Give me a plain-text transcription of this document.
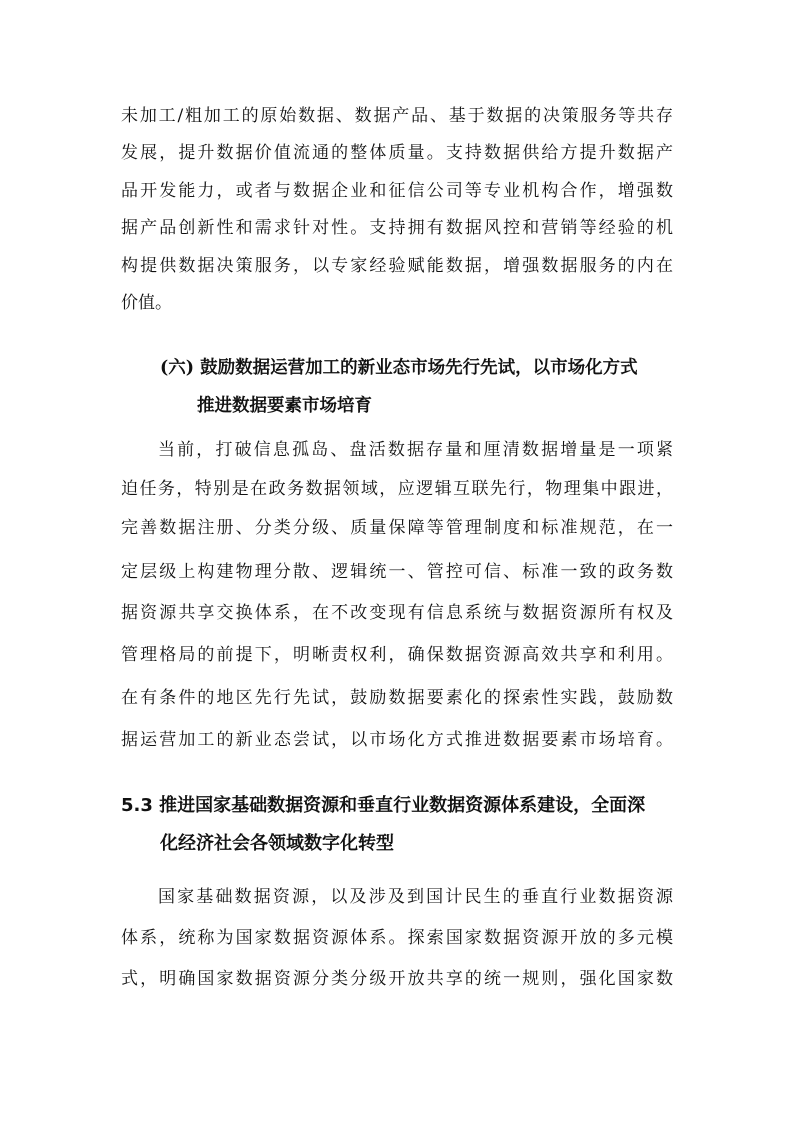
未加工/粗加工的原始数据、数据产品、基于数据的决策服务等共存
发展，提升数据价值流通的整体质量。支持数据供给方提升数据产
品开发能力，或者与数据企业和征信公司等专业机构合作，增强数
据产品创新性和需求针对性。支持拥有数据风控和营销等经验的机
构提供数据决策服务，以专家经验赋能数据，增强数据服务的内在
价值。
(六) 鼓励数据运营加工的新业态市场先行先试，以市场化方式
推进数据要素市场培育
当前，打破信息孤岛、盘活数据存量和厘清数据增量是一项紧
迫任务，特别是在政务数据领域，应逻辑互联先行，物理集中跟进，
完善数据注册、分类分级、质量保障等管理制度和标准规范，在一
定层级上构建物理分散、逻辑统一、管控可信、标准一致的政务数
据资源共享交换体系，在不改变现有信息系统与数据资源所有权及
管理格局的前提下，明晰责权利，确保数据资源高效共享和利用。
在有条件的地区先行先试，鼓励数据要素化的探索性实践，鼓励数
据运营加工的新业态尝试，以市场化方式推进数据要素市场培育。
5.3 推进国家基础数据资源和垂直行业数据资源体系建设，全面深
化经济社会各领域数字化转型
国家基础数据资源，以及涉及到国计民生的垂直行业数据资源
体系，统称为国家数据资源体系。探索国家数据资源开放的多元模
式，明确国家数据资源分类分级开放共享的统一规则，强化国家数
